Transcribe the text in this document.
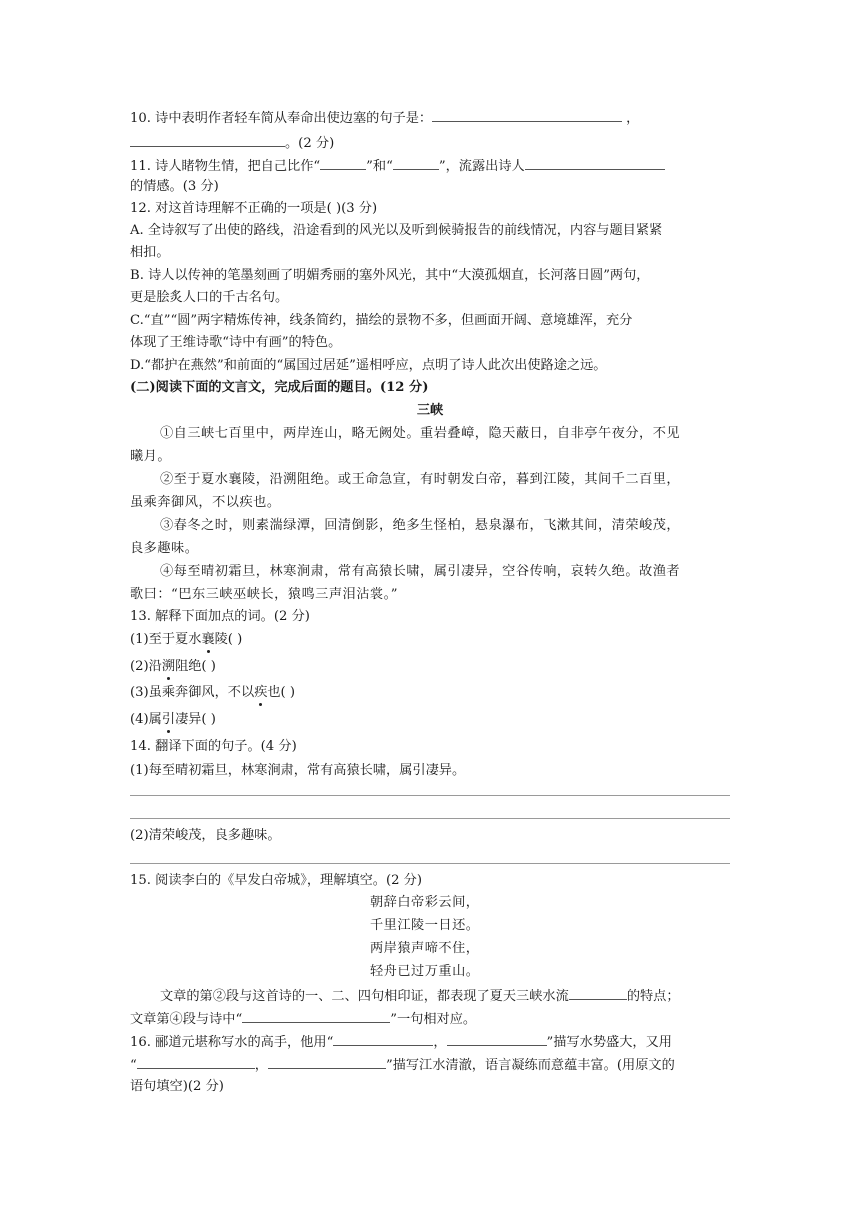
10. 诗中表明作者轻车简从奉命出使边塞的句子是：	，
。(2 分)
11. 诗人睹物生情，把自己比作“	”和“	”，流露出诗人
的情感。(3 分)
12. 对这首诗理解不正确的一项是( )(3 分)
A. 全诗叙写了出使的路线，沿途看到的风光以及听到候骑报告的前线情况，内容与题目紧紧
相扣。
B. 诗人以传神的笔墨刻画了明媚秀丽的塞外风光，其中“大漠孤烟直，长河落日圆”两句，
更是脍炙人口的千古名句。
C.“直”“圆”两字精炼传神，线条简约，描绘的景物不多，但画面开阔、意境雄浑，充分
体现了王维诗歌“诗中有画”的特色。
D.“都护在燕然”和前面的“属国过居延”遥相呼应，点明了诗人此次出使路途之远。
(二)阅读下面的文言文，完成后面的题目。(12 分)
三峡
①自三峡七百里中，两岸连山，略无阙处。重岩叠嶂，隐天蔽日，自非亭午夜分，不见
曦月。
②至于夏水襄陵，沿溯阻绝。或王命急宣，有时朝发白帝，暮到江陵，其间千二百里，
虽乘奔御风，不以疾也。
③春冬之时，则素湍绿潭，回清倒影，绝多生怪柏，悬泉瀑布，飞漱其间，清荣峻茂，
良多趣味。
④每至晴初霜旦，林寒涧肃，常有高猿长啸，属引凄异，空谷传响，哀转久绝。故渔者
歌曰：“巴东三峡巫峡长，猿鸣三声泪沾裳。”
13. 解释下面加点的词。(2 分)
(1)至于夏水襄陵( )
(2)沿溯阻绝( )
(3)虽乘奔御风，不以疾也( )
(4)属引凄异( )
14. 翻译下面的句子。(4 分)
(1)每至晴初霜旦，林寒涧肃，常有高猿长啸，属引凄异。
(2)清荣峻茂，良多趣味。
15. 阅读李白的《早发白帝城》，理解填空。(2 分)
朝辞白帝彩云间，
千里江陵一日还。
两岸猿声啼不住，
轻舟已过万重山。
文章的第②段与这首诗的一、二、四句相印证，都表现了夏天三峡水流	的特点；
文章第④段与诗中“	”一句相对应。
16. 郦道元堪称写水的高手，他用“	，	”描写水势盛大，又用
“	，	”描写江水清澈，语言凝练而意蕴丰富。(用原文的
语句填空)(2 分)
